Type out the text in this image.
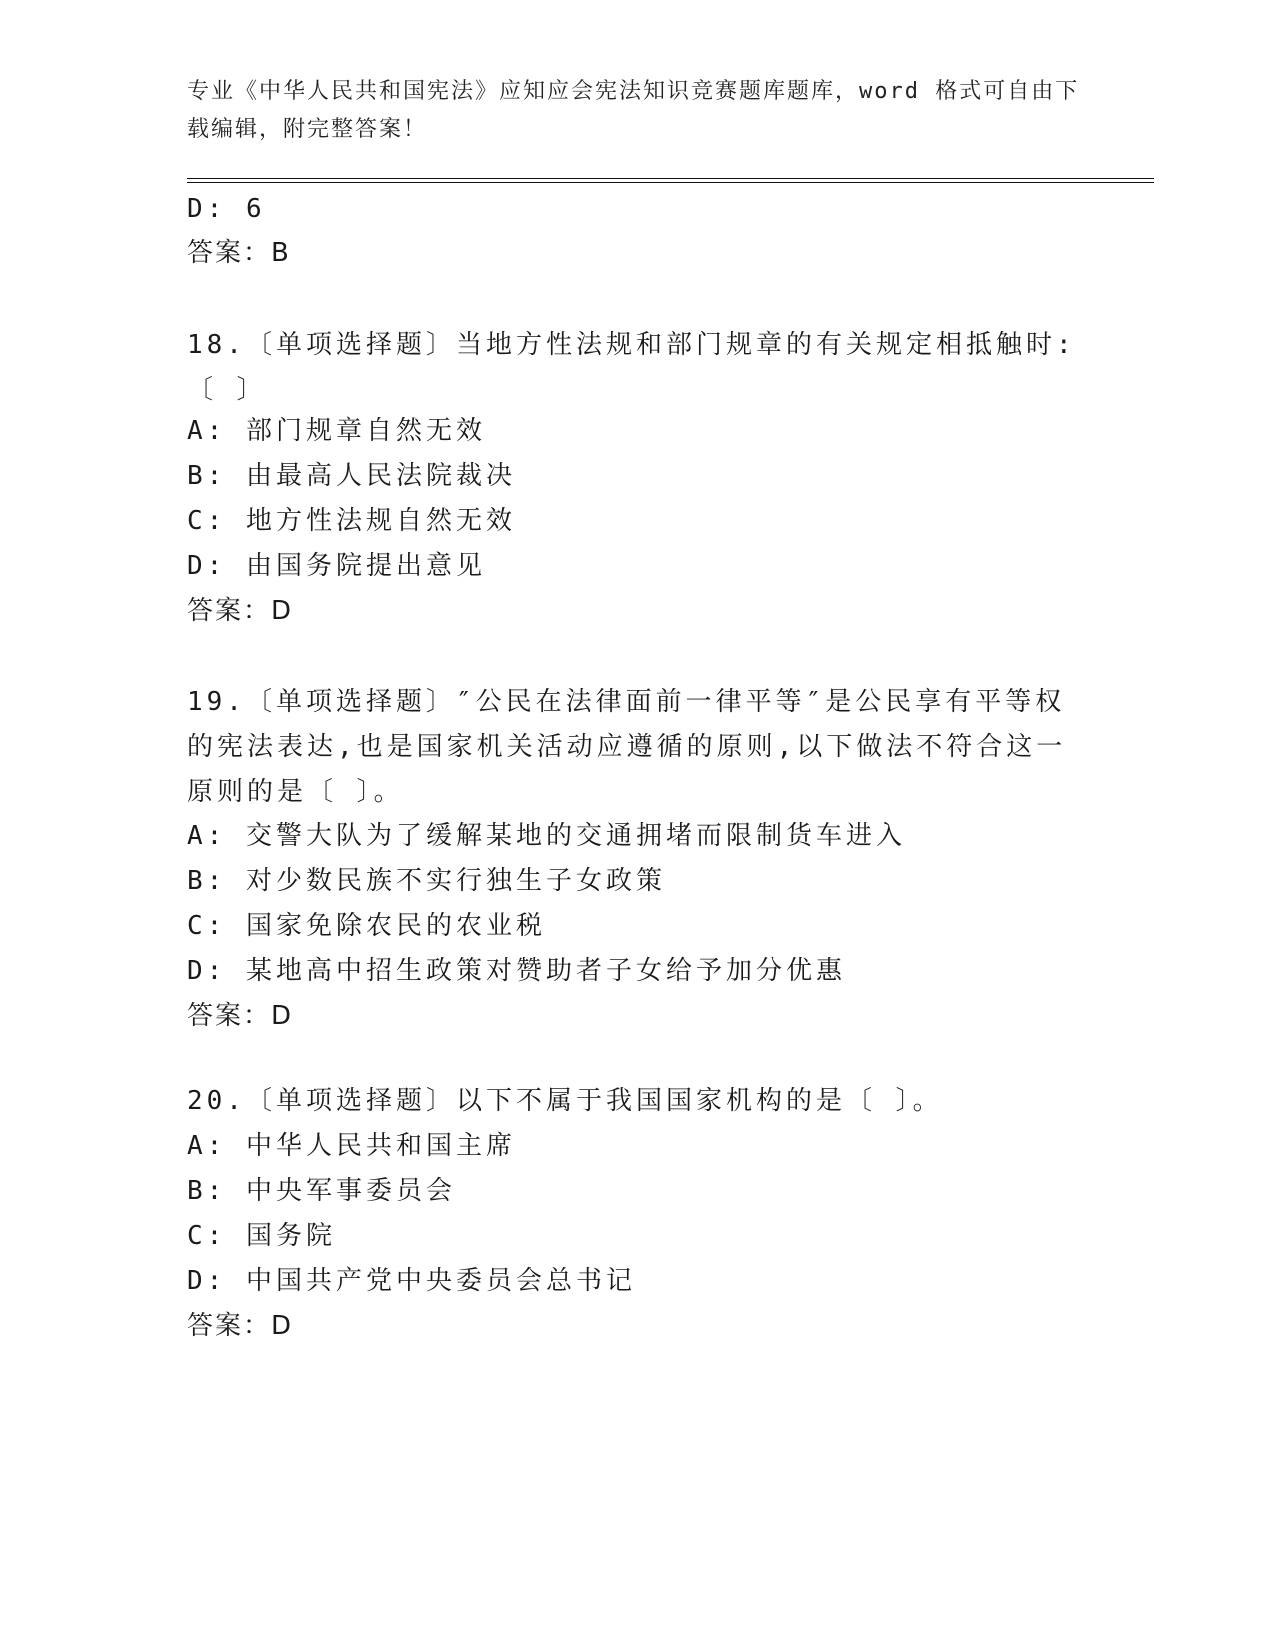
专业《中华人民共和国宪法》应知应会宪法知识竞赛题库题库，word 格式可自由下载编辑，附完整答案！
D: 6
答案：B
18.〔单项选择题〕当地方性法规和部门规章的有关规定相抵触时:〔 〕
A: 部门规章自然无效
B: 由最高人民法院裁决
C: 地方性法规自然无效
D: 由国务院提出意见
答案：D
19.〔单项选择题〕″公民在法律面前一律平等″是公民享有平等权的宪法表达,也是国家机关活动应遵循的原则,以下做法不符合这一原则的是〔 〕。
A: 交警大队为了缓解某地的交通拥堵而限制货车进入
B: 对少数民族不实行独生子女政策
C: 国家免除农民的农业税
D: 某地高中招生政策对赞助者子女给予加分优惠
答案：D
20.〔单项选择题〕以下不属于我国国家机构的是〔 〕。
A: 中华人民共和国主席
B: 中央军事委员会
C: 国务院
D: 中国共产党中央委员会总书记
答案：D
